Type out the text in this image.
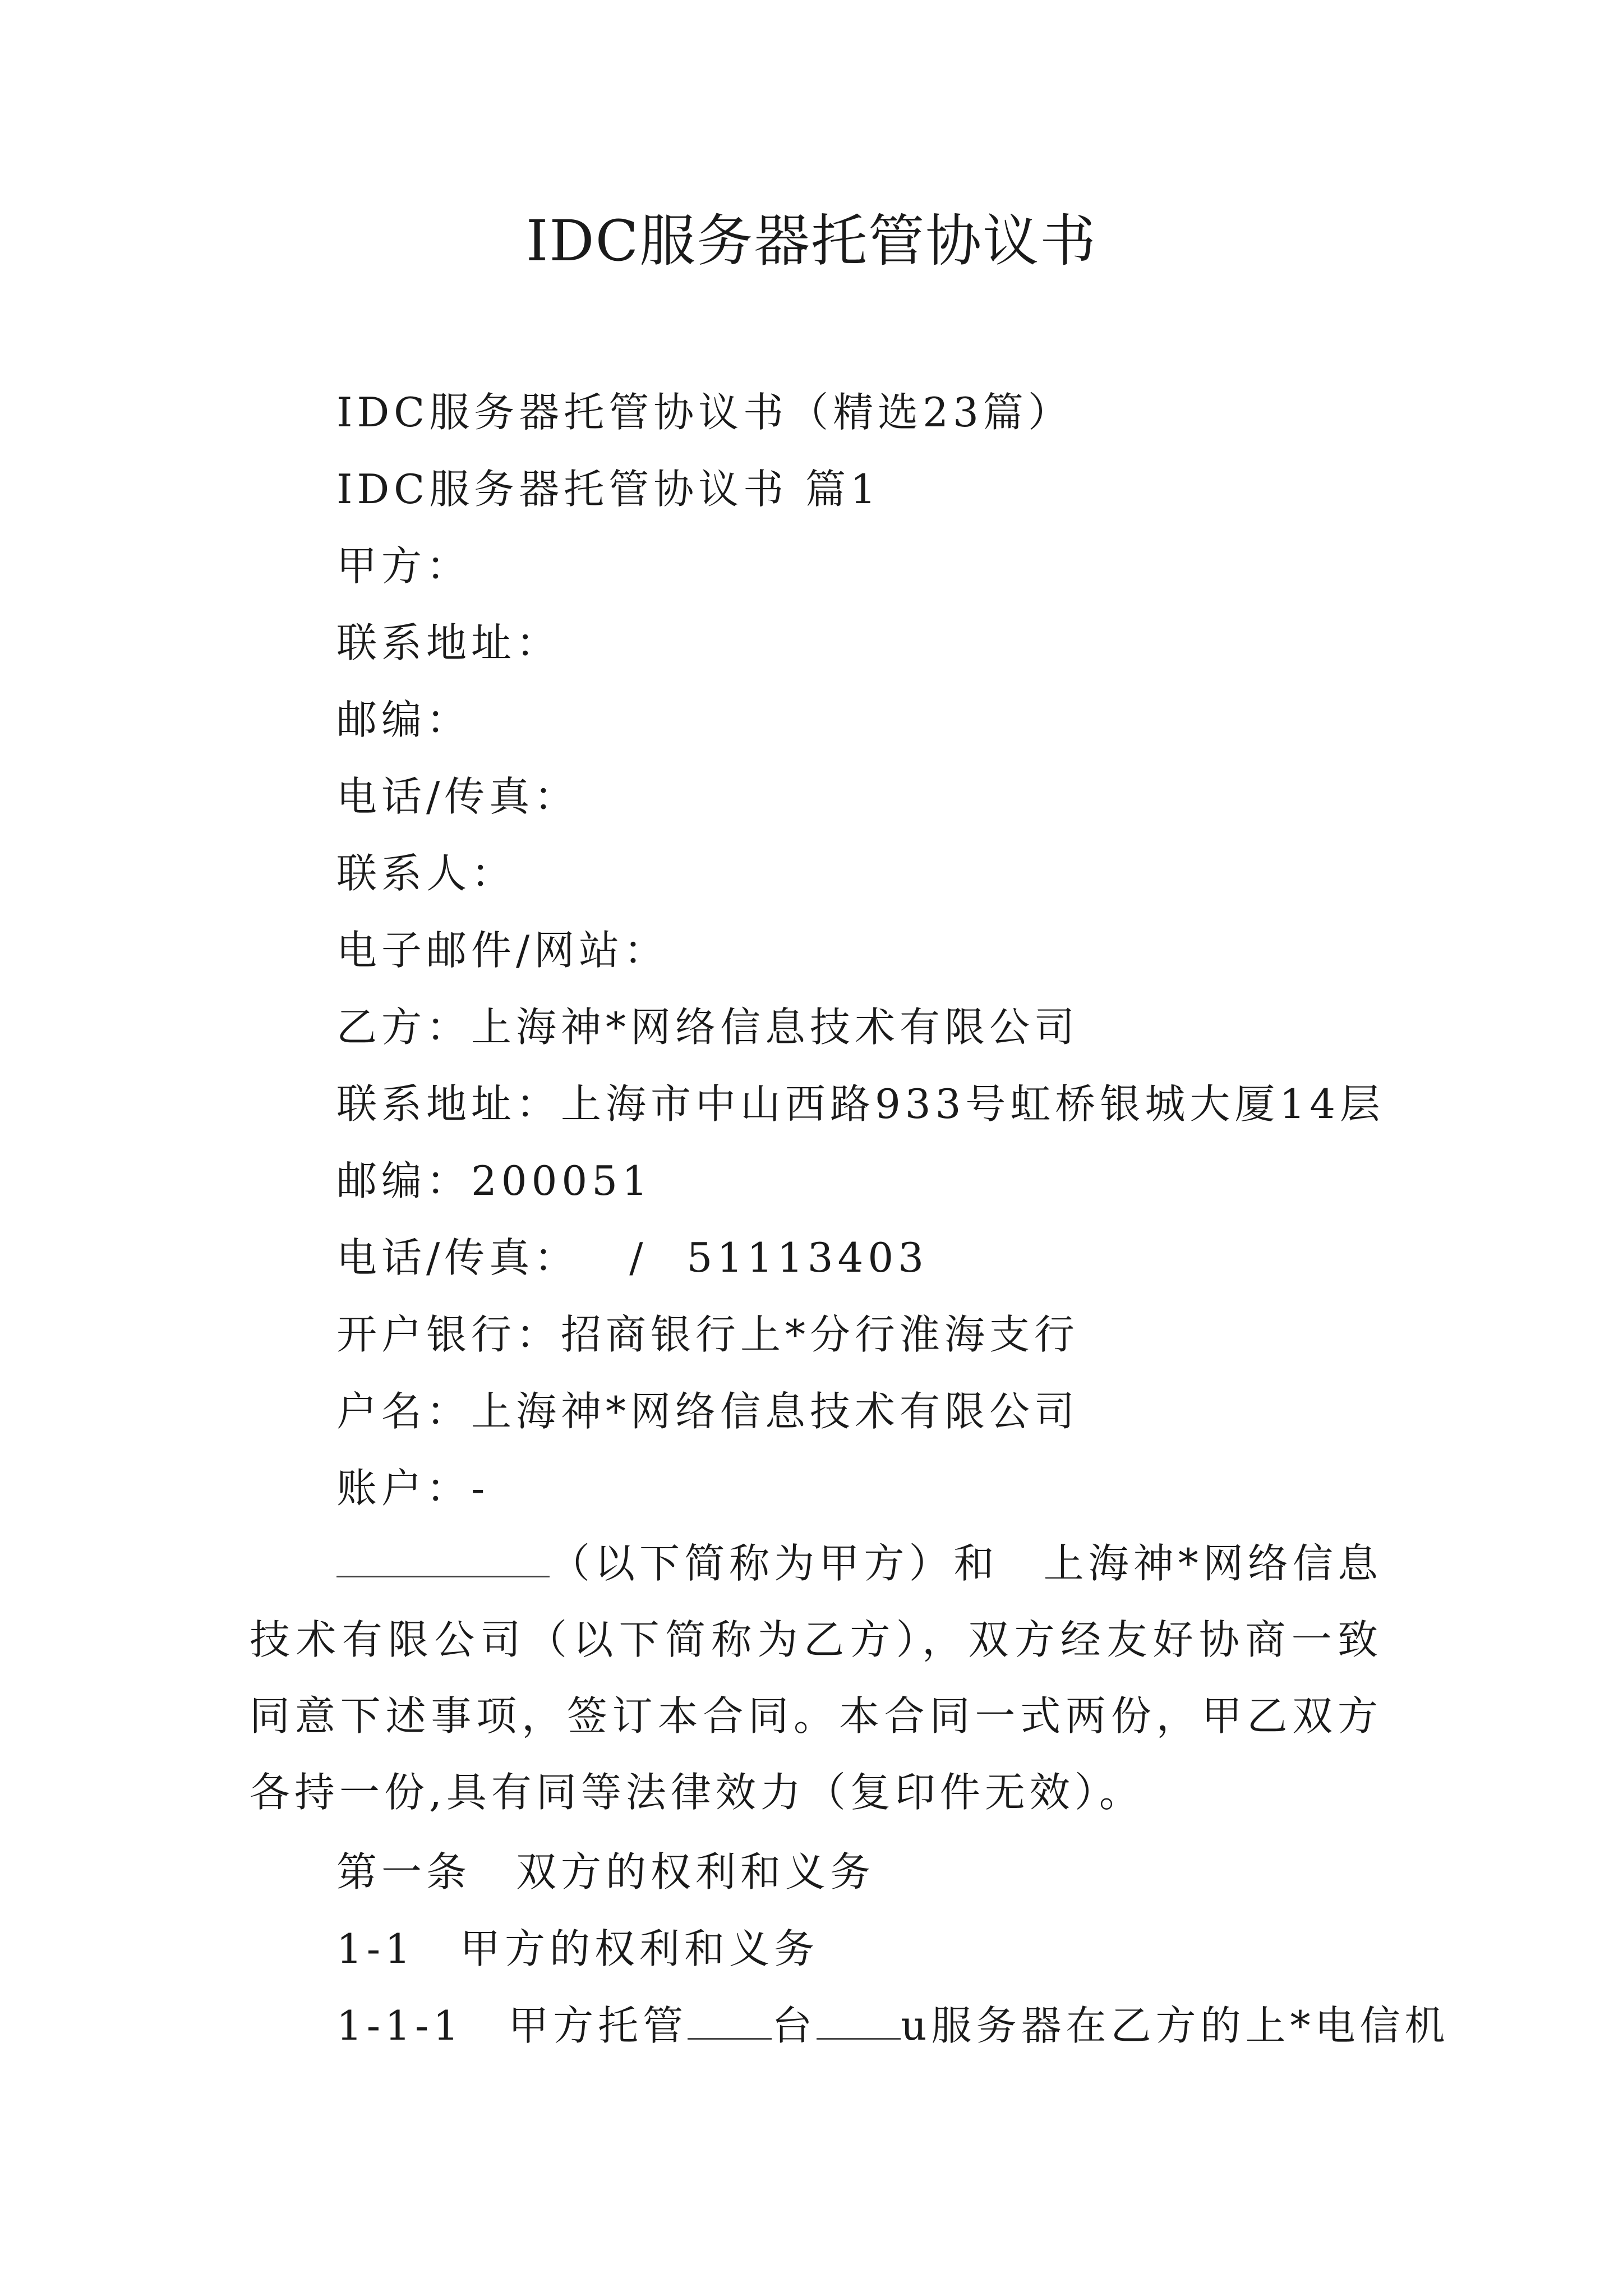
IDC服务器托管协议书
IDC服务器托管协议书（精选23篇）
IDC服务器托管协议书 篇1
甲方：
联系地址：
邮编：
电话/传真：
联系人：
电子邮件/网站：
乙方：上海神*网络信息技术有限公司
联系地址：上海市中山西路933号虹桥银城大厦14层
邮编：200051
电话/传真： / 51113403
开户银行：招商银行上*分行淮海支行
户名：上海神*网络信息技术有限公司
账户：-
（以下简称为甲方）和　上海神*网络信息技术有限公司（以下简称为乙方），双方经友好协商一致同意下述事项，签订本合同。本合同一式两份，甲乙双方各持一份,具有同等法律效力（复印件无效）。
第一条　双方的权利和义务
1-1　甲方的权利和义务
1-1-1　甲方托管 台 u服务器在乙方的上*电信机
